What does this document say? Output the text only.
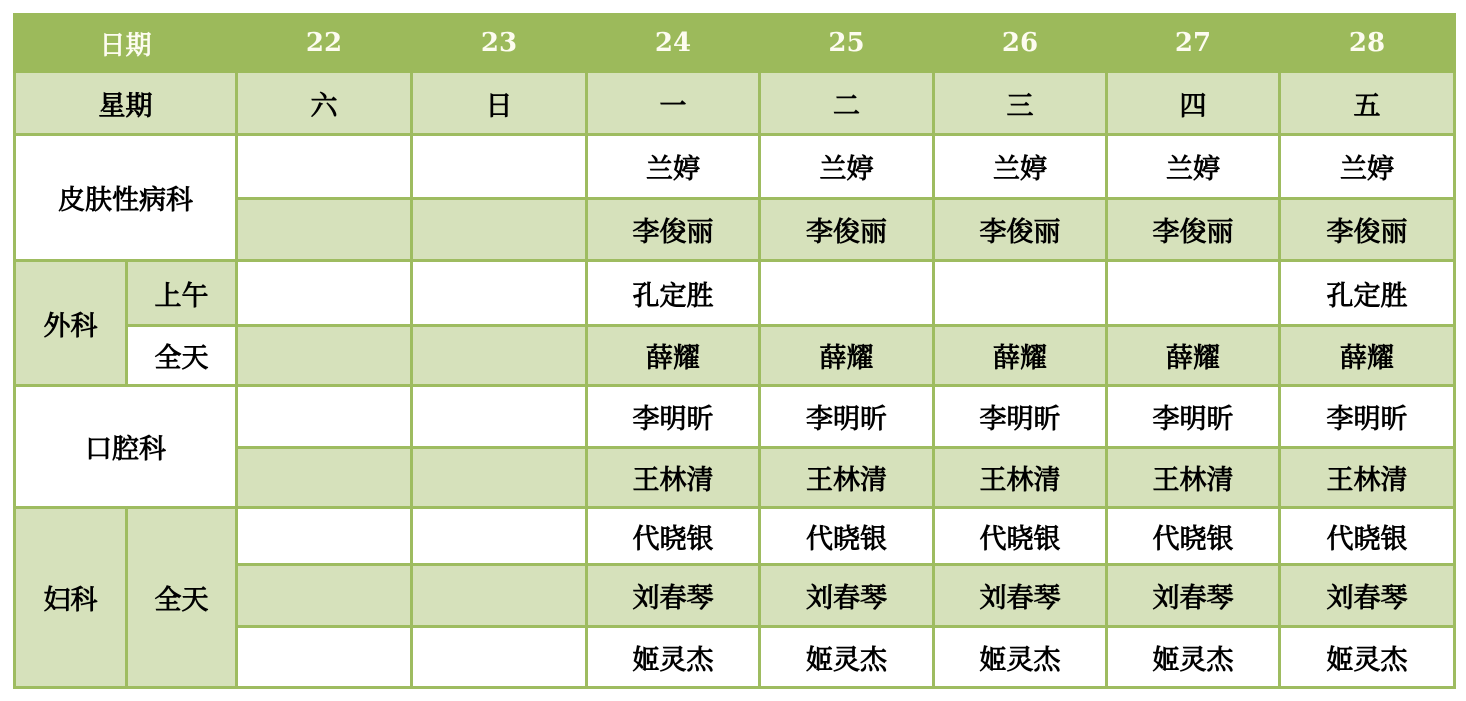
日期		22	23	24	25	26	27	28
星期		六	日	一	二	三	四	五
皮肤性病科				兰婷	兰婷	兰婷	兰婷	兰婷
				李俊丽	李俊丽	李俊丽	李俊丽	李俊丽
外科	上午			孔定胜				孔定胜
	全天			薛耀	薛耀	薛耀	薛耀	薛耀
口腔科				李明昕	李明昕	李明昕	李明昕	李明昕
				王林清	王林清	王林清	王林清	王林清
妇科	全天			代晓银	代晓银	代晓银	代晓银	代晓银
				刘春琴	刘春琴	刘春琴	刘春琴	刘春琴
				姬灵杰	姬灵杰	姬灵杰	姬灵杰	姬灵杰
